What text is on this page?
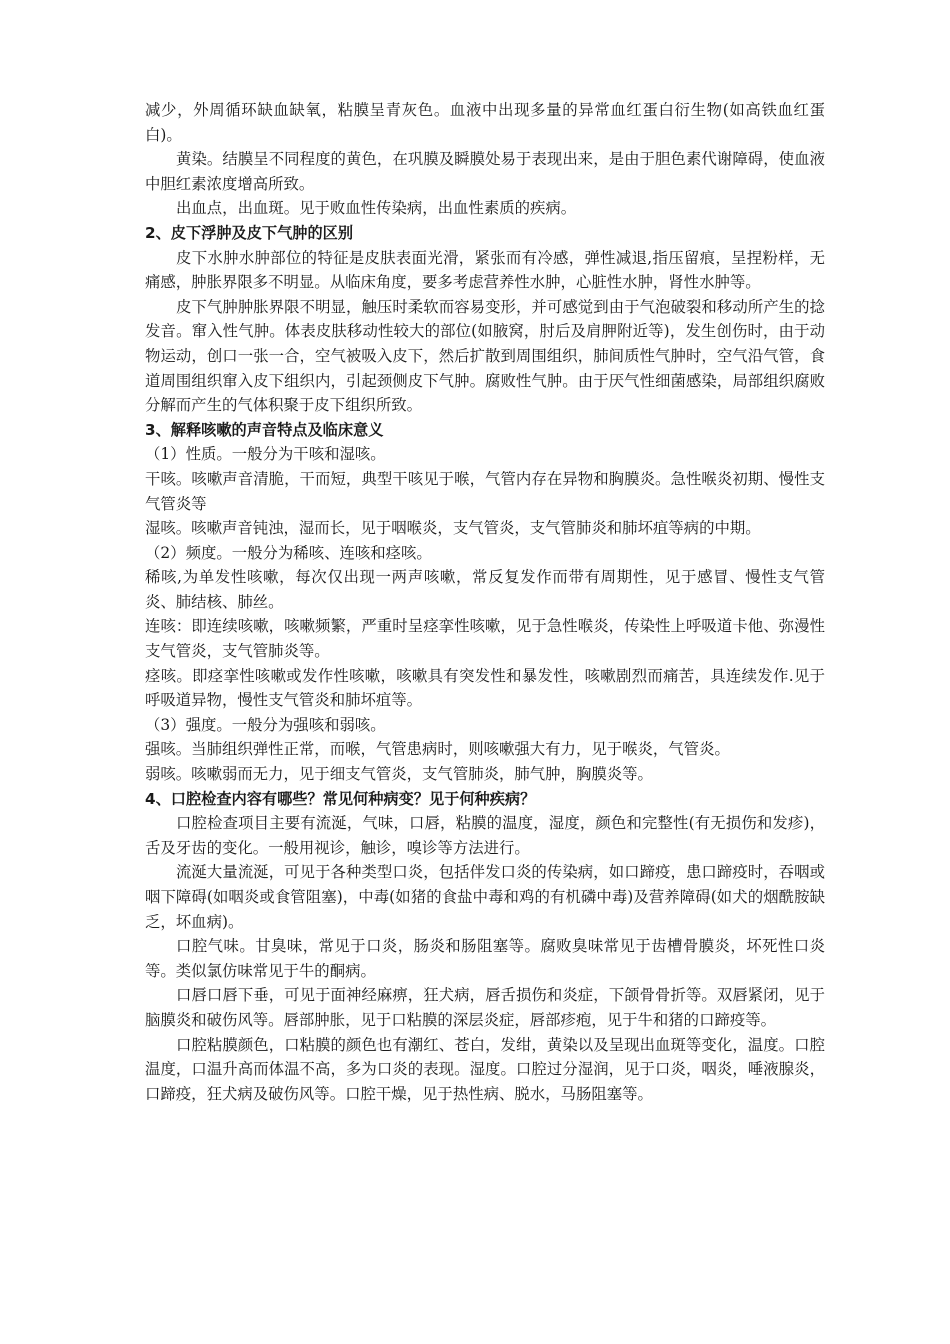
减少，外周循环缺血缺氧，粘膜呈青灰色。血液中出现多量的异常血红蛋白衍生物(如高铁血红蛋白)。

黄染。结膜呈不同程度的黄色，在巩膜及瞬膜处易于表现出来，是由于胆色素代谢障碍，使血液中胆红素浓度增高所致。

出血点，出血斑。见于败血性传染病，出血性素质的疾病。

2、皮下浮肿及皮下气肿的区别

皮下水肿水肿部位的特征是皮肤表面光滑，紧张而有冷感，弹性减退,指压留痕，呈捏粉样，无痛感，肿胀界限多不明显。从临床角度，要多考虑营养性水肿，心脏性水肿，肾性水肿等。

皮下气肿肿胀界限不明显，触压时柔软而容易变形，并可感觉到由于气泡破裂和移动所产生的捻发音。窜入性气肿。体表皮肤移动性较大的部位(如腋窝，肘后及肩胛附近等)，发生创伤时，由于动物运动，创口一张一合，空气被吸入皮下，然后扩散到周围组织，肺间质性气肿时，空气沿气管，食道周围组织窜入皮下组织内，引起颈侧皮下气肿。腐败性气肿。由于厌气性细菌感染，局部组织腐败分解而产生的气体积聚于皮下组织所致。

3、解释咳嗽的声音特点及临床意义

（1）性质。一般分为干咳和湿咳。

干咳。咳嗽声音清脆，干而短，典型干咳见于喉，气管内存在异物和胸膜炎。急性喉炎初期、慢性支气管炎等

湿咳。咳嗽声音钝浊，湿而长，见于咽喉炎，支气管炎，支气管肺炎和肺坏疽等病的中期。

（2）频度。一般分为稀咳、连咳和痉咳。

稀咳,为单发性咳嗽，每次仅出现一两声咳嗽，常反复发作而带有周期性，见于感冒、慢性支气管炎、肺结核、肺丝。

连咳：即连续咳嗽，咳嗽频繁，严重时呈痉挛性咳嗽，见于急性喉炎，传染性上呼吸道卡他、弥漫性支气管炎，支气管肺炎等。

痉咳。即痉挛性咳嗽或发作性咳嗽，咳嗽具有突发性和暴发性，咳嗽剧烈而痛苦，具连续发作.见于呼吸道异物，慢性支气管炎和肺坏疽等。

（3）强度。一般分为强咳和弱咳。

强咳。当肺组织弹性正常，而喉，气管患病时，则咳嗽强大有力，见于喉炎，气管炎。

弱咳。咳嗽弱而无力，见于细支气管炎，支气管肺炎，肺气肿，胸膜炎等。

4、口腔检查内容有哪些？常见何种病变？见于何种疾病？

口腔检查项目主要有流涎，气味，口唇，粘膜的温度，湿度，颜色和完整性(有无损伤和发疹)，舌及牙齿的变化。一般用视诊，触诊，嗅诊等方法进行。

流涎大量流涎，可见于各种类型口炎，包括伴发口炎的传染病，如口蹄疫，患口蹄疫时，吞咽或咽下障碍(如咽炎或食管阻塞)，中毒(如猪的食盐中毒和鸡的有机磷中毒)及营养障碍(如犬的烟酰胺缺乏，坏血病)。

口腔气味。甘臭味，常见于口炎，肠炎和肠阻塞等。腐败臭味常见于齿槽骨膜炎，坏死性口炎等。类似氯仿味常见于牛的酮病。

口唇口唇下垂，可见于面神经麻痹，狂犬病，唇舌损伤和炎症，下颌骨骨折等。双唇紧闭，见于脑膜炎和破伤风等。唇部肿胀，见于口粘膜的深层炎症，唇部疹疱，见于牛和猪的口蹄疫等。

口腔粘膜颜色，口粘膜的颜色也有潮红、苍白，发绀，黄染以及呈现出血斑等变化，温度。口腔温度，口温升高而体温不高，多为口炎的表现。湿度。口腔过分湿润，见于口炎，咽炎，唾液腺炎，口蹄疫，狂犬病及破伤风等。口腔干燥，见于热性病、脱水，马肠阻塞等。
